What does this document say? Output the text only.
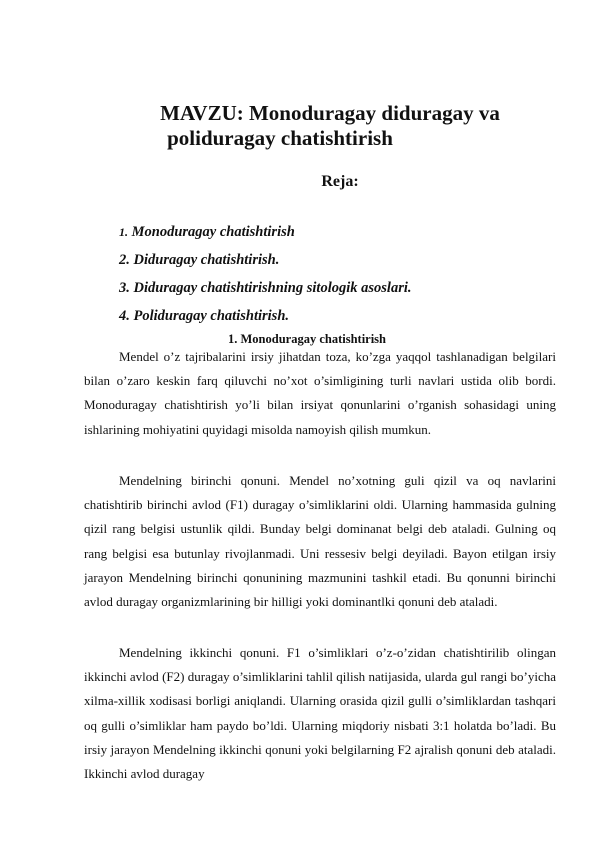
MAVZU: Monoduragay diduragay va
poliduragay chatishtirish
Reja:
1. Monoduragay chatishtirish
2. Diduragay chatishtirish.
3. Diduragay chatishtirishning sitologik asoslari.
4. Poliduragay chatishtirish.
1. Monoduragay chatishtirish

Mendel o’z tajribalarini irsiy jihatdan toza, ko’zga yaqqol tashlanadigan belgilari bilan o’zaro keskin farq qiluvchi no’xot o’simligining turli navlari ustida olib bordi. Monoduragay chatishtirish yo’li bilan irsiyat qonunlarini o’rganish sohasidagi uning ishlarining mohiyatini quyidagi misolda namoyish qilish mumkun.

Mendelning birinchi qonuni. Mendel no’xotning guli qizil va oq navlarini chatishtirib birinchi avlod (F1) duragay o’simliklarini oldi. Ularning hammasida gulning qizil rang belgisi ustunlik qildi. Bunday belgi dominanat belgi deb ataladi. Gulning oq rang belgisi esa butunlay rivojlanmadi. Uni ressesiv belgi deyiladi. Bayon etilgan irsiy jarayon Mendelning birinchi qonunining mazmunini tashkil etadi. Bu qonunni birinchi avlod duragay organizmlarining bir hilligi yoki dominantlki qonuni deb ataladi.

Mendelning ikkinchi qonuni. F1 o’simliklari o’z-o’zidan chatishtirilib olingan ikkinchi avlod (F2) duragay o’simliklarini tahlil qilish natijasida, ularda gul rangi bo’yicha xilma-xillik xodisasi borligi aniqlandi. Ularning orasida qizil gulli o’simliklardan tashqari oq gulli o’simliklar ham paydo bo’ldi. Ularning miqdoriy nisbati 3:1 holatda bo’ladi. Bu irsiy jarayon Mendelning ikkinchi qonuni yoki belgilarning F2 ajralish qonuni deb ataladi. Ikkinchi avlod duragay
